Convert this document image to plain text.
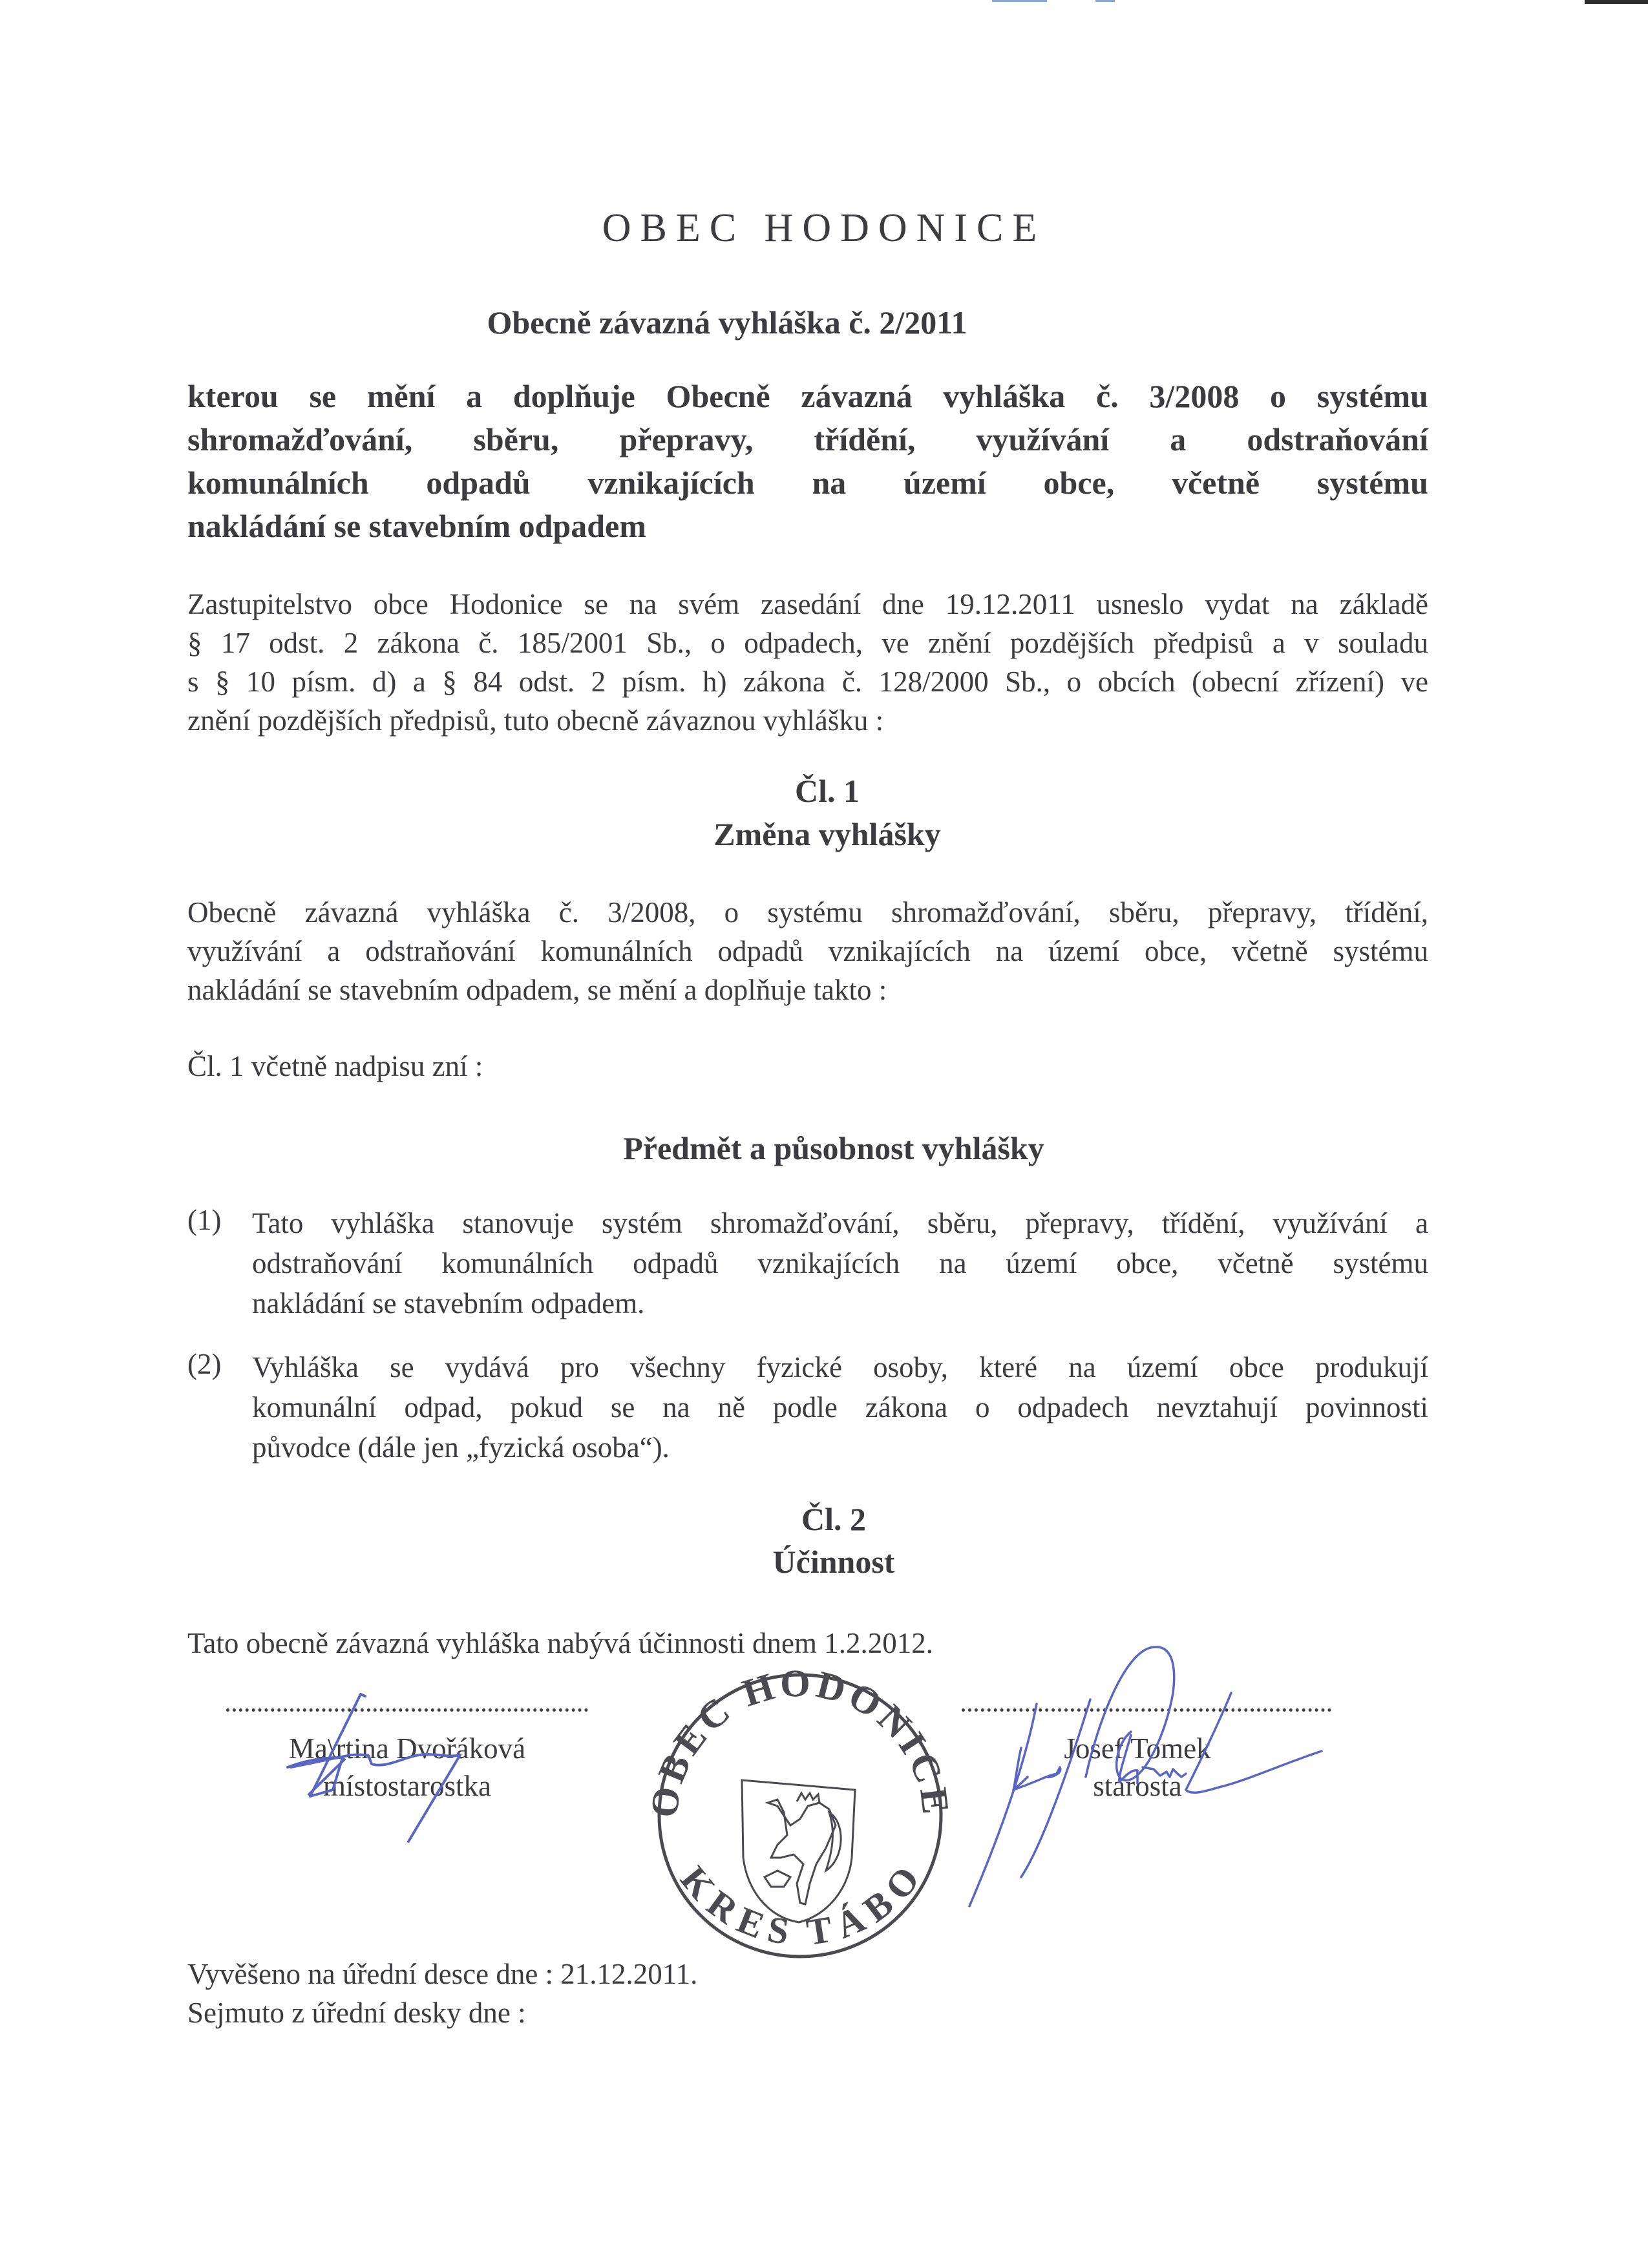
OBEC HODONICE
Obecně závazná vyhláška č. 2/2011
kterou se mění a doplňuje Obecně závazná vyhláška č. 3/2008 o systému
shromažďování, sběru, přepravy, třídění, využívání a odstraňování
komunálních odpadů vznikajících na území obce, včetně systému
nakládání se stavebním odpadem
Zastupitelstvo obce Hodonice se na svém zasedání dne 19.12.2011 usneslo vydat na základě
§ 17 odst. 2 zákona č. 185/2001 Sb., o odpadech, ve znění pozdějších předpisů a v souladu
s § 10 písm. d) a § 84 odst. 2 písm. h) zákona č. 128/2000 Sb., o obcích (obecní zřízení) ve
znění pozdějších předpisů, tuto obecně závaznou vyhlášku :
Čl. 1
Změna vyhlášky
Obecně závazná vyhláška č. 3/2008, o systému shromažďování, sběru, přepravy, třídění,
využívání a odstraňování komunálních odpadů vznikajících na území obce, včetně systému
nakládání se stavebním odpadem, se mění a doplňuje takto :
Čl. 1 včetně nadpisu zní :
Předmět a působnost vyhlášky
(1) Tato vyhláška stanovuje systém shromažďování, sběru, přepravy, třídění, využívání a
odstraňování komunálních odpadů vznikajících na území obce, včetně systému
nakládání se stavebním odpadem.
(2) Vyhláška se vydává pro všechny fyzické osoby, které na území obce produkují
komunální odpad, pokud se na ně podle zákona o odpadech nevztahují povinnosti
původce (dále jen „fyzická osoba“).
Čl. 2
Účinnost
Tato obecně závazná vyhláška nabývá účinnosti dnem 1.2.2012.
Ma\rtina Dvořáková
místostarostka
Josef Tomek
starosta
OBEC HODONICE
OKRES TÁBOR
Vyvěšeno na úřední desce dne : 21.12.2011.
Sejmuto z úřední desky dne :
